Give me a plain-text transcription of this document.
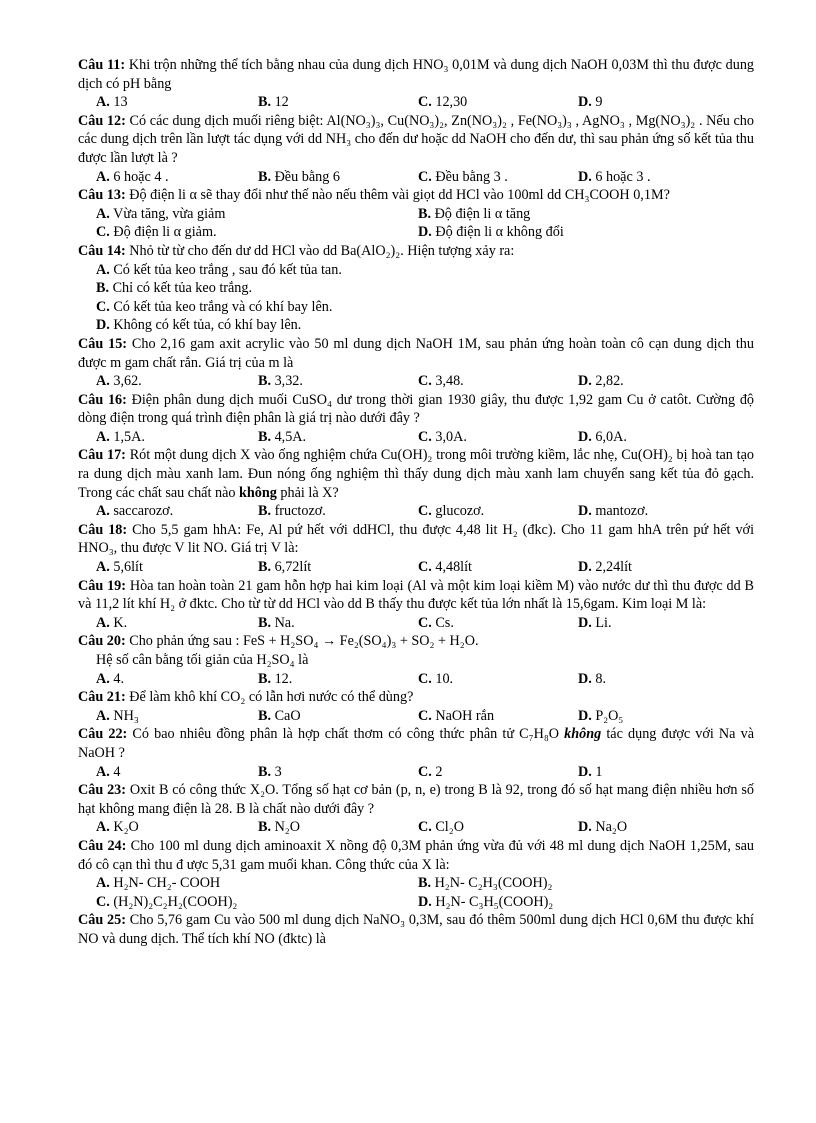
Câu 11: Khi trộn những thể tích bằng nhau của dung dịch HNO₃ 0,01M và dung dịch NaOH 0,03M thì thu được dung dịch có pH bằng

A. 13	B. 12	C. 12,30	D. 9

Câu 12: Có các dung dịch muối riêng biệt: Al(NO₃)₃, Cu(NO₃)₂, Zn(NO₃)₂ , Fe(NO₃)₃ , AgNO₃ , Mg(NO₃)₂ . Nếu cho các dung dịch trên lần lượt tác dụng với dd NH₃ cho đến dư hoặc dd NaOH cho đến dư, thì sau phản ứng số kết tủa thu được lần lượt là ?

A. 6 hoặc 4 .	B. Đều bằng 6	C. Đều bằng 3 .	D. 6 hoặc 3 .

Câu 13: Độ điện li α sẽ thay đổi như thế nào nếu thêm vài giọt dd HCl vào 100ml dd CH₃COOH 0,1M?

A. Vừa tăng, vừa giảm	B. Độ điện li α tăng
C. Độ điện li α giảm.	D. Độ điện li α không đổi

Câu 14: Nhỏ từ từ cho đến dư dd HCl vào dd Ba(AlO₂)₂. Hiện tượng xảy ra:

A. Có kết tủa keo trắng , sau đó kết tủa tan.
B. Chỉ có kết tủa keo trắng.
C. Có kết tủa keo trắng và có khí bay lên.
D. Không có kết tủa, có khí bay lên.

Câu 15: Cho 2,16 gam axit acrylic vào 50 ml dung dịch NaOH 1M, sau phản ứng hoàn toàn cô cạn dung dịch thu được m gam chất rắn. Giá trị của m là

A. 3,62.	B. 3,32.	C. 3,48.	D. 2,82.

Câu 16: Điện phân dung dịch muối CuSO₄ dư trong thời gian 1930 giây, thu được 1,92 gam Cu ở catôt. Cường độ dòng điện trong quá trình điện phân là giá trị nào dưới đây ?

A. 1,5A.	B. 4,5A.	C. 3,0A.	D. 6,0A.

Câu 17: Rót một dung dịch X vào ống nghiệm chứa Cu(OH)₂ trong môi trường kiềm, lắc nhẹ, Cu(OH)₂ bị hoà tan tạo ra dung dịch màu xanh lam. Đun nóng ống nghiệm thì thấy dung dịch màu xanh lam chuyển sang kết tủa đỏ gạch. Trong các chất sau chất nào không phải là X?

A. saccarozơ.	B. fructozơ.	C. glucozơ.	D. mantozơ.

Câu 18: Cho 5,5 gam hhA: Fe, Al pứ hết với ddHCl, thu được 4,48 lit H₂ (đkc). Cho 11 gam hhA trên pứ hết với HNO₃, thu được V lit NO. Giá trị V là:

A. 5,6lít	B. 6,72lít	C. 4,48lít	D. 2,24lít

Câu 19: Hòa tan hoàn toàn 21 gam hỗn hợp hai kim loại (Al và một kim loại kiềm M) vào nước dư thì thu được dd B và 11,2 lít khí H₂ ở đktc. Cho từ từ dd HCl vào dd B thấy thu được kết tủa lớn nhất là 15,6gam. Kim loại M là:

A. K.	B. Na.	C. Cs.	D. Li.

Câu 20: Cho phản ứng sau : FeS + H₂SO₄ → Fe₂(SO₄)₃ + SO₂ + H₂O.

Hệ số cân bằng tối giản của H₂SO₄ là

A. 4.	B. 12.	C. 10.	D. 8.

Câu 21: Để làm khô khí CO₂ có lẫn hơi nước có thể dùng?

A. NH₃	B. CaO	C. NaOH rắn	D. P₂O₅

Câu 22: Có bao nhiêu đồng phân là hợp chất thơm có công thức phân tử C₇H₈O không tác dụng được với Na và NaOH ?

A. 4	B. 3	C. 2	D. 1

Câu 23: Oxit B có công thức X₂O. Tổng số hạt cơ bản (p, n, e) trong B là 92, trong đó số hạt mang điện nhiều hơn số hạt không mang điện là 28. B là chất nào dưới đây ?

A. K₂O	B. N₂O	C. Cl₂O	D. Na₂O

Câu 24: Cho 100 ml dung dịch aminoaxit X nồng độ 0,3M phản ứng vừa đủ với 48 ml dung dịch NaOH 1,25M, sau đó cô cạn thì thu đ ược 5,31 gam muối khan. Công thức của X là:

A. H₂N- CH₂- COOH	B. H₂N- C₂H₃(COOH)₂
C. (H₂N)₂C₂H₂(COOH)₂	D. H₂N- C₃H₅(COOH)₂

Câu 25: Cho 5,76 gam Cu vào 500 ml dung dịch NaNO₃ 0,3M, sau đó thêm 500ml dung dịch HCl 0,6M thu được khí NO và dung dịch. Thể tích khí NO (đktc) là
